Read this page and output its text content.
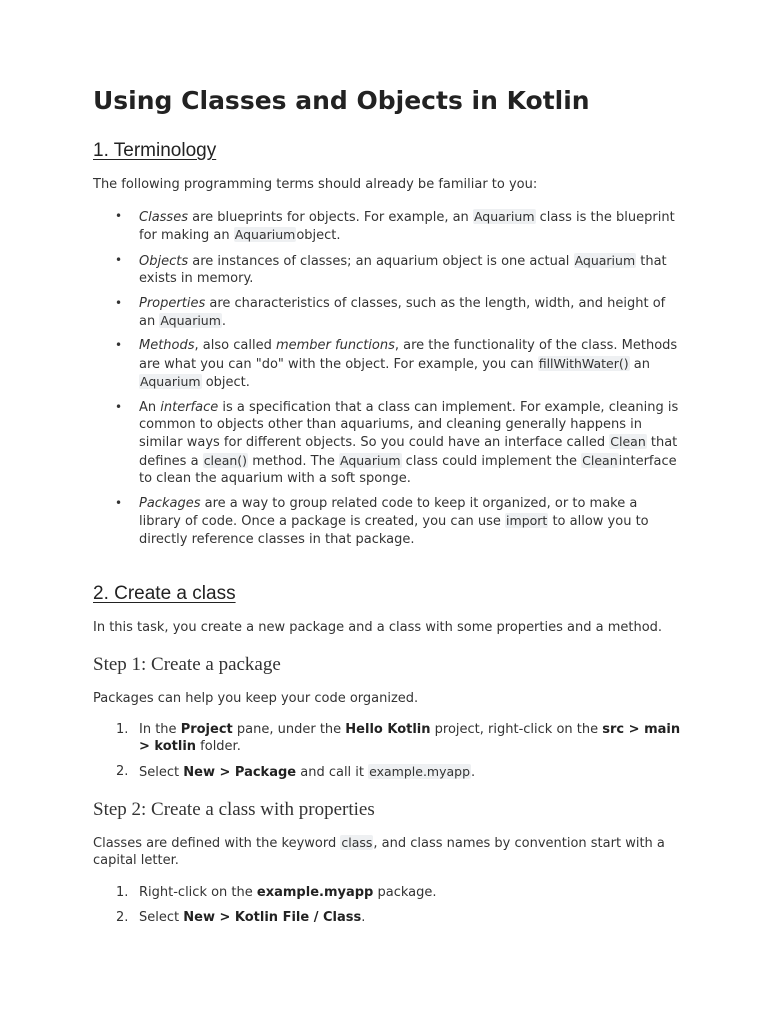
Using Classes and Objects in Kotlin
1. Terminology

The following programming terms should already be familiar to you:

• Classes are blueprints for objects. For example, an Aquarium class is the blueprint for making an Aquariumobject.
• Objects are instances of classes; an aquarium object is one actual Aquarium that exists in memory.
• Properties are characteristics of classes, such as the length, width, and height of an Aquarium.
• Methods, also called member functions, are the functionality of the class. Methods are what you can "do" with the object. For example, you can fillWithWater() an Aquarium object.
• An interface is a specification that a class can implement. For example, cleaning is common to objects other than aquariums, and cleaning generally happens in similar ways for different objects. So you could have an interface called Clean that defines a clean() method. The Aquarium class could implement the Cleaninterface to clean the aquarium with a soft sponge.
• Packages are a way to group related code to keep it organized, or to make a library of code. Once a package is created, you can use import to allow you to directly reference classes in that package.
2. Create a class

In this task, you create a new package and a class with some properties and a method.

Step 1: Create a package

Packages can help you keep your code organized.

1. In the Project pane, under the Hello Kotlin project, right-click on the src > main > kotlin folder.
2. Select New > Package and call it example.myapp.
Step 2: Create a class with properties

Classes are defined with the keyword class, and class names by convention start with a capital letter.

1. Right-click on the example.myapp package.
2. Select New > Kotlin File / Class.
